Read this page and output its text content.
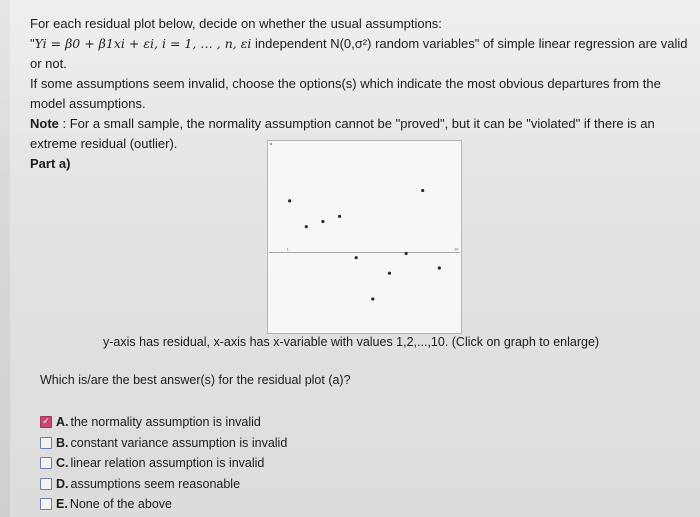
For each residual plot below, decide on whether the usual assumptions:

"Yi = β0 + β1xi + εi, i = 1, … , n, εi independent N(0,σ²) random variables" of simple linear regression are valid or not.

If some assumptions seem invalid, choose the options(s) which indicate the most obvious departures from the model assumptions.

Note : For a small sample, the normality assumption cannot be "proved", but it can be "violated" if there is an extreme residual (outlier).

Part a)

1	10
y-axis has residual, x-axis has x-variable with values 1,2,...,10. (Click on graph to enlarge)
Which is/are the best answer(s) for the residual plot (a)?
✓ A. the normality assumption is invalid
B. constant variance assumption is invalid
C. linear relation assumption is invalid
D. assumptions seem reasonable
E. None of the above
